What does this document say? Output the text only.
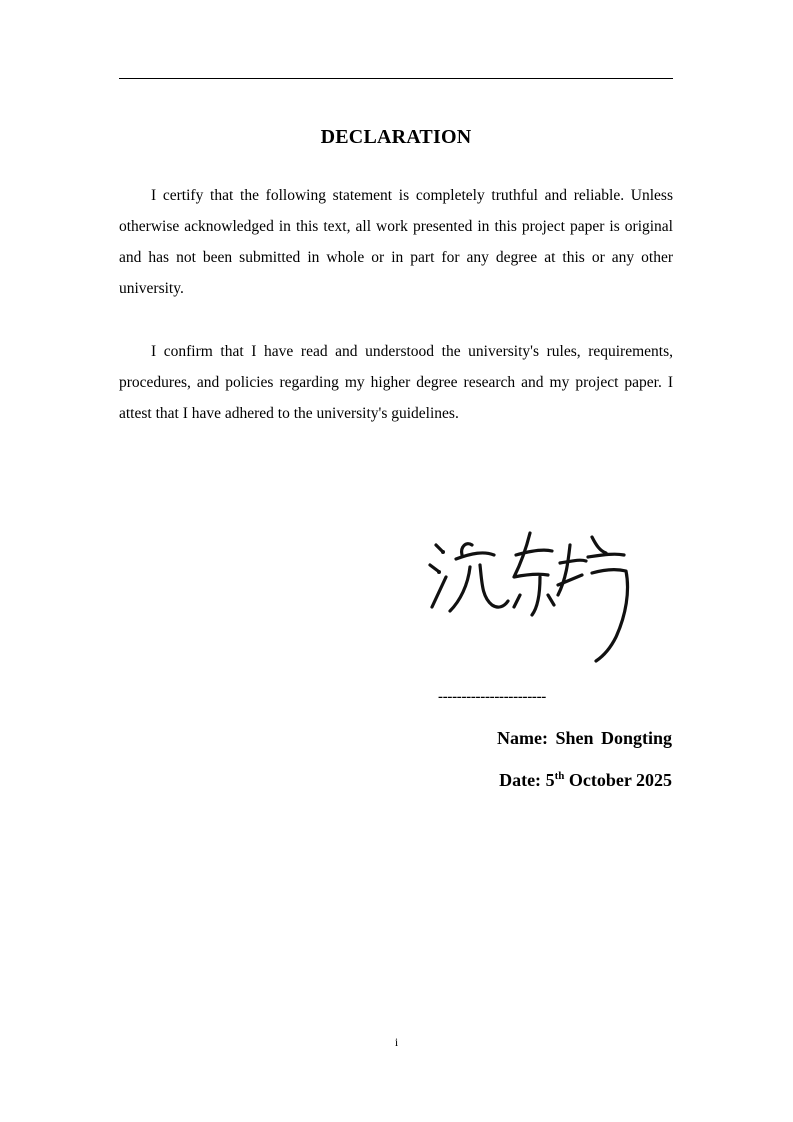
DECLARATION

I certify that the following statement is completely truthful and reliable. Unless otherwise acknowledged in this text, all work presented in this project paper is original and has not been submitted in whole or in part for any degree at this or any other university.

I confirm that I have read and understood the university's rules, requirements, procedures, and policies regarding my higher degree research and my project paper. I attest that I have adhered to the university's guidelines.

-----------------------
Name: Shen Dongting
Date: 5th October 2025
i
